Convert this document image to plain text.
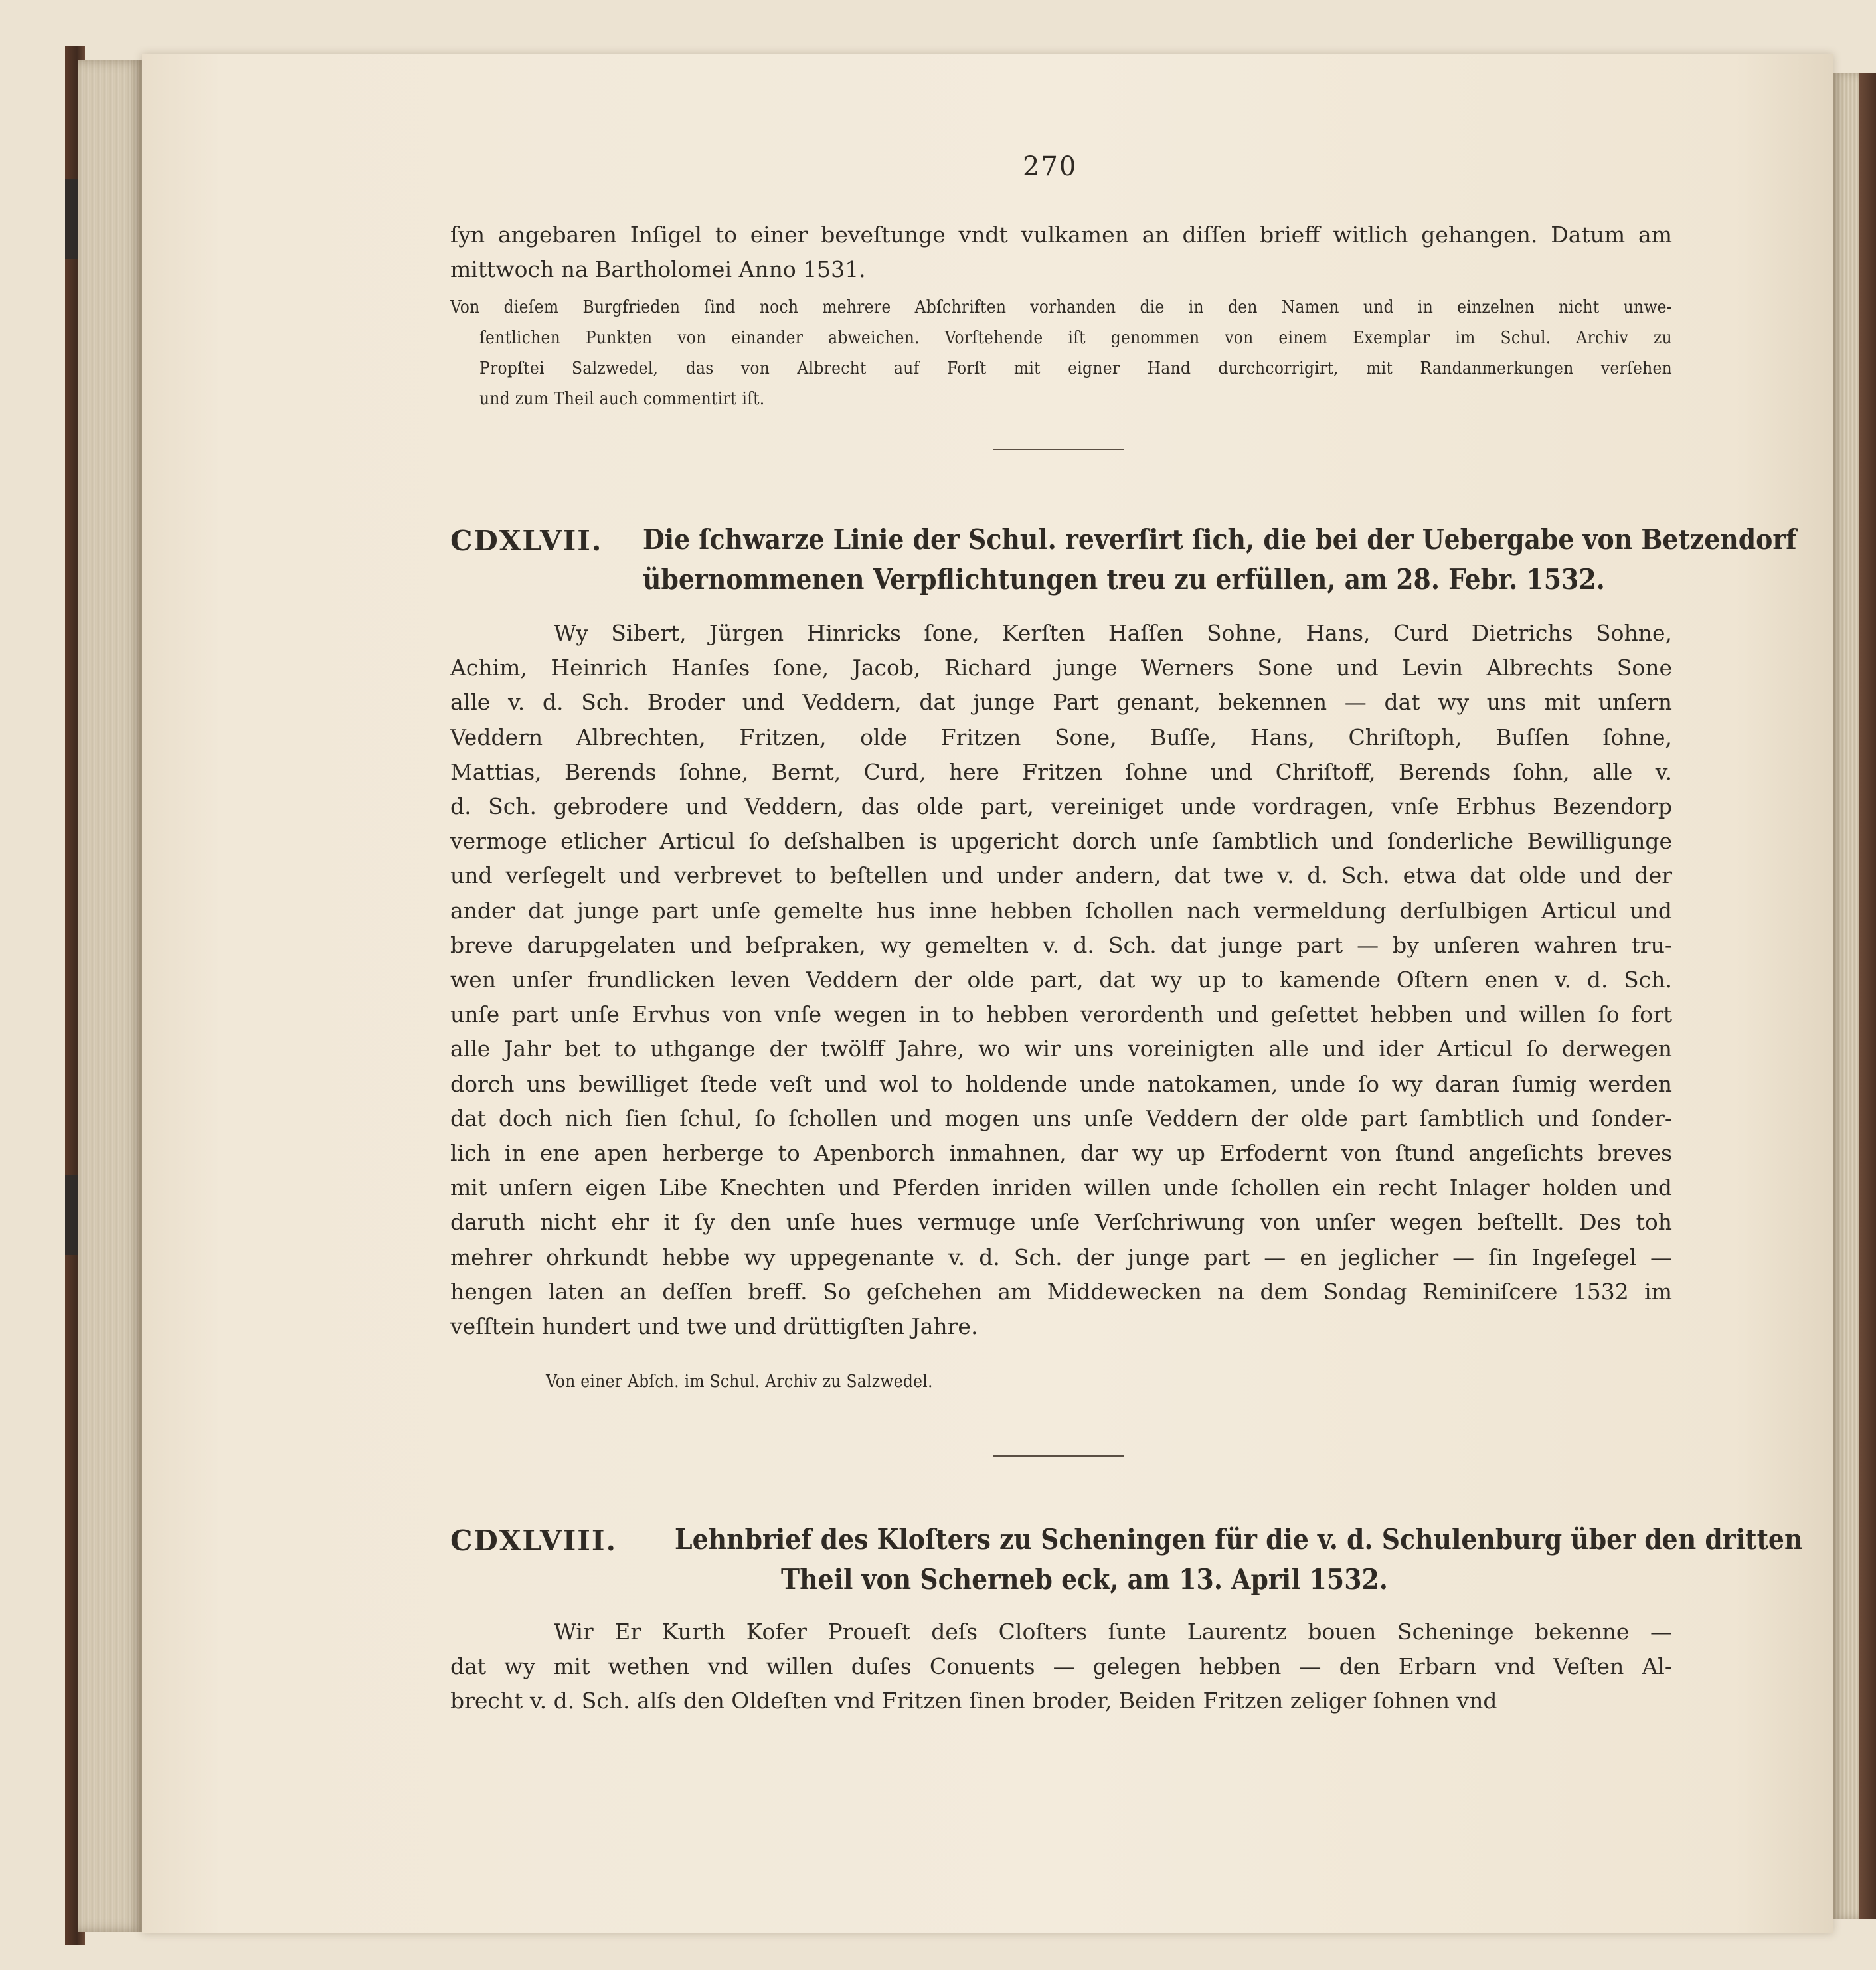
270
ſyn angebaren Inſigel to einer beveſtunge vndt vulkamen an diſſen brieff witlich gehangen. Datum am
mittwoch na Bartholomei Anno 1531.
Von dieſem Burgfrieden ſind noch mehrere Abſchriften vorhanden die in den Namen und in einzelnen nicht unwe-
ſentlichen Punkten von einander abweichen. Vorſtehende iſt genommen von einem Exemplar im Schul. Archiv zu
Propſtei Salzwedel, das von Albrecht auf Forſt mit eigner Hand durchcorrigirt, mit Randanmerkungen verſehen
und zum Theil auch commentirt iſt.
CDXLVII. Die ſchwarze Linie der Schul. reverſirt ſich, die bei der Uebergabe von Betzendorf
übernommenen Verpflichtungen treu zu erfüllen, am 28. Febr. 1532.
Wy Sibert, Jürgen Hinricks ſone, Kerſten Haſſen Sohne, Hans, Curd Dietrichs Sohne,
Achim, Heinrich Hanſes ſone, Jacob, Richard junge Werners Sone und Levin Albrechts Sone
alle v. d. Sch. Broder und Veddern, dat junge Part genant, bekennen — dat wy uns mit unſern
Veddern Albrechten, Fritzen, olde Fritzen Sone, Buſſe, Hans, Chriſtoph, Buſſen ſohne,
Mattias, Berends ſohne, Bernt, Curd, here Fritzen ſohne und Chriſtoff, Berends ſohn, alle v.
d. Sch. gebrodere und Veddern, das olde part, vereiniget unde vordragen, vnſe Erbhus Bezendorp
vermoge etlicher Articul ſo deſshalben is upgericht dorch unſe ſambtlich und ſonderliche Bewilligunge
und verſegelt und verbrevet to beſtellen und under andern, dat twe v. d. Sch. etwa dat olde und der
ander dat junge part unſe gemelte hus inne hebben ſchollen nach vermeldung derſulbigen Articul und
breve darupgelaten und beſpraken, wy gemelten v. d. Sch. dat junge part — by unſeren wahren tru-
wen unſer frundlicken leven Veddern der olde part, dat wy up to kamende Oſtern enen v. d. Sch.
unſe part unſe Ervhus von vnſe wegen in to hebben verordenth und geſettet hebben und willen ſo fort
alle Jahr bet to uthgange der twölff Jahre, wo wir uns voreinigten alle und ider Articul ſo derwegen
dorch uns bewilliget ſtede veſt und wol to holdende unde natokamen, unde ſo wy daran ſumig werden
dat doch nich ſien ſchul, ſo ſchollen und mogen uns unſe Veddern der olde part ſambtlich und ſonder-
lich in ene apen herberge to Apenborch inmahnen, dar wy up Erfodernt von ſtund angeſichts breves
mit unſern eigen Libe Knechten und Pferden inriden willen unde ſchollen ein recht Inlager holden und
daruth nicht ehr it ſy den unſe hues vermuge unſe Verſchriwung von unſer wegen beſtellt. Des toh
mehrer ohrkundt hebbe wy uppegenante v. d. Sch. der junge part — en jeglicher — ſin Ingeſegel —
hengen laten an deſſen breff. So geſchehen am Middewecken na dem Sondag Reminiſcere 1532 im
veſſtein hundert und twe und drüttigſten Jahre.
Von einer Abſch. im Schul. Archiv zu Salzwedel.
CDXLVIII. Lehnbrief des Kloſters zu Scheningen für die v. d. Schulenburg über den dritten
Theil von Scherneb eck, am 13. April 1532.
Wir Er Kurth Kofer Proueſt deſs Cloſters ſunte Laurentz bouen Scheninge bekenne —
dat wy mit wethen vnd willen duſes Conuents — gelegen hebben — den Erbarn vnd Veſten Al-
brecht v. d. Sch. alſs den Oldeſten vnd Fritzen ſinen broder, Beiden Fritzen zeliger ſohnen vnd
